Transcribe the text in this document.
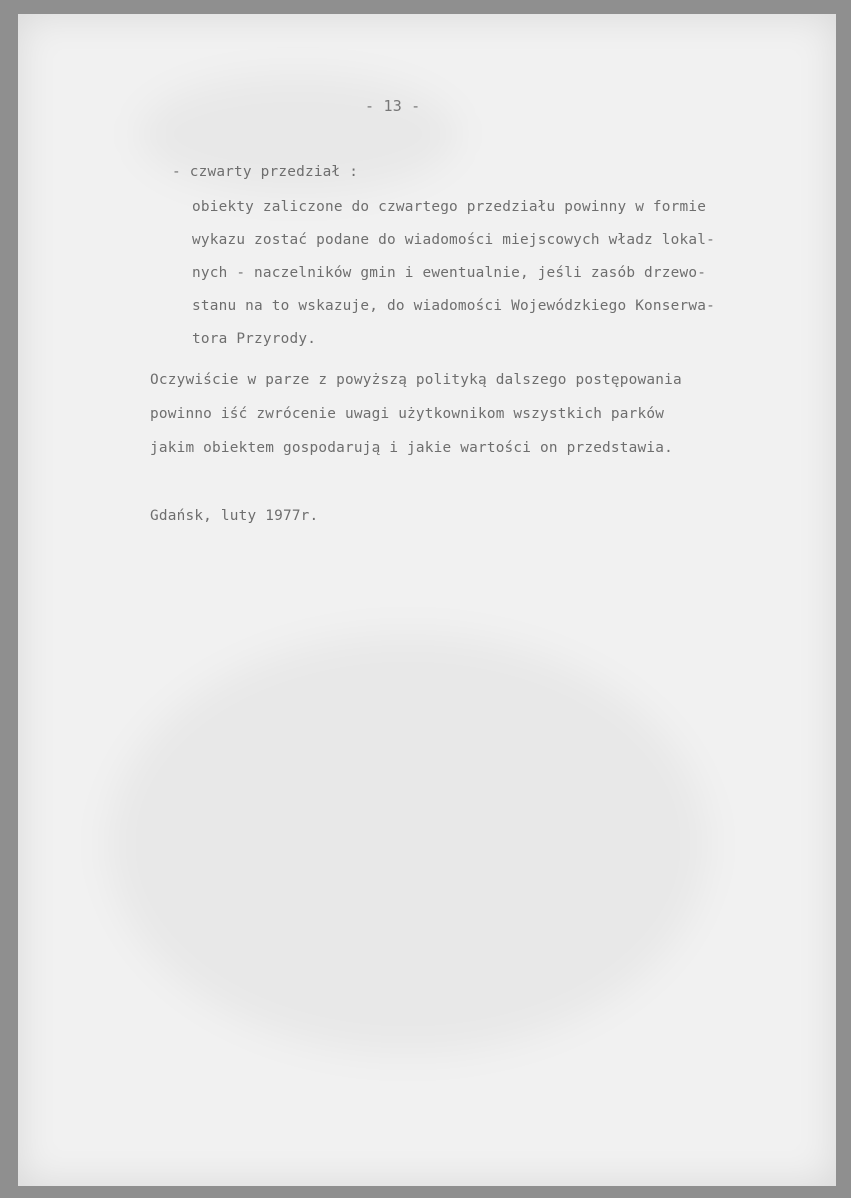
- 13 -
- czwarty przedział :
obiekty zaliczone do czwartego przedziału powinny w formie
wykazu zostać podane do wiadomości miejscowych władz lokal-
nych - naczelników gmin i ewentualnie, jeśli zasób drzewo-
stanu na to wskazuje, do wiadomości Wojewódzkiego Konserwa-
tora Przyrody.
Oczywiście w parze z powyższą polityką dalszego postępowania
powinno iść zwrócenie uwagi użytkownikom wszystkich parków
jakim obiektem gospodarują i jakie wartości on przedstawia.
Gdańsk, luty 1977r.
